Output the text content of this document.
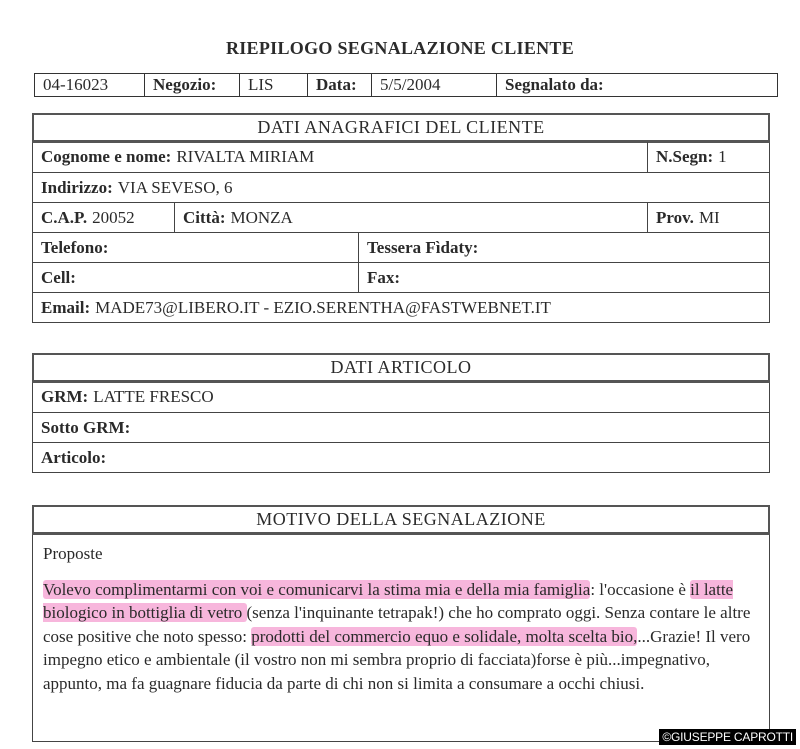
RIEPILOGO SEGNALAZIONE CLIENTE
04-16023	Negozio:	LIS	Data:	5/5/2004	Segnalato da:
DATI ANAGRAFICI DEL CLIENTE
Cognome e nome: RIVALTA MIRIAM	N.Segn: 1
Indirizzo: VIA SEVESO, 6
C.A.P. 20052	Città: MONZA	Prov. MI
Telefono:	Tessera Fìdaty:
Cell:	Fax:
Email: MADE73@LIBERO.IT - EZIO.SERENTHA@FASTWEBNET.IT
DATI ARTICOLO
GRM: LATTE FRESCO
Sotto GRM:
Articolo:
MOTIVO DELLA SEGNALAZIONE
Proposte
Volevo complimentarmi con voi e comunicarvi la stima mia e della mia famiglia: l'occasione è il latte biologico in bottiglia di vetro (senza l'inquinante tetrapak!) che ho comprato oggi. Senza contare le altre cose positive che noto spesso: prodotti del commercio equo e solidale, molta scelta bio,...Grazie! Il vero impegno etico e ambientale (il vostro non mi sembra proprio di facciata)forse è più...impegnativo, appunto, ma fa guagnare fiducia da parte di chi non si limita a consumare a occhi chiusi.
©GIUSEPPE CAPROTTI
